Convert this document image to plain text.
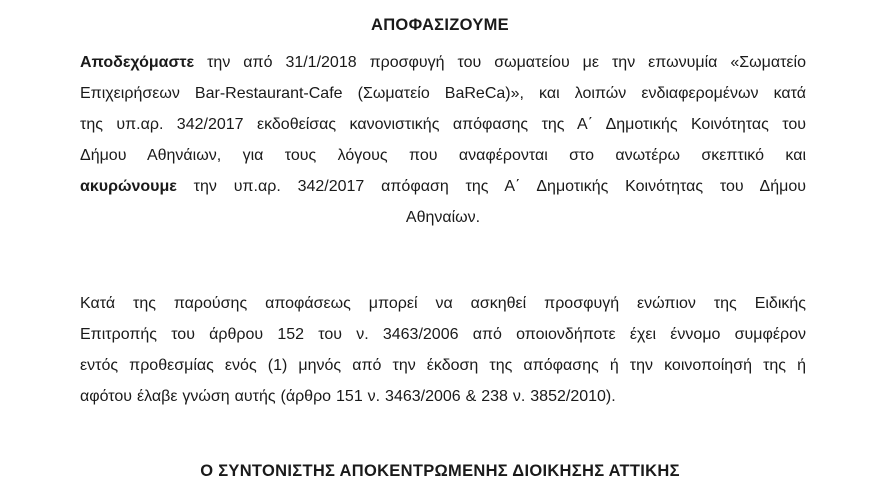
ΑΠΟΦΑΣΙΖΟΥΜΕ
Αποδεχόμαστε την από 31/1/2018 προσφυγή του σωματείου με την επωνυμία «Σωματείο
Επιχειρήσεων Bar-Restaurant-Cafe (Σωματείο BaReCa)», και λοιπών ενδιαφερομένων κατά
της υπ.αρ. 342/2017 εκδοθείσας κανονιστικής απόφασης της Α΄ Δημοτικής Κοινότητας του
Δήμου Αθηνάιων, για τους λόγους που αναφέρονται στο ανωτέρω σκεπτικό και
ακυρώνουμε την υπ.αρ. 342/2017 απόφαση της Α΄ Δημοτικής Κοινότητας του Δήμου
Αθηναίων.
Κατά της παρούσης αποφάσεως μπορεί να ασκηθεί προσφυγή ενώπιον της Ειδικής
Επιτροπής του άρθρου 152 του ν. 3463/2006 από οποιονδήποτε έχει έννομο συμφέρον
εντός προθεσμίας ενός (1) μηνός από την έκδοση της απόφασης ή την κοινοποίησή της ή
αφότου έλαβε γνώση αυτής (άρθρο 151 ν. 3463/2006 & 238 ν. 3852/2010).
Ο ΣΥΝΤΟΝΙΣΤΗΣ ΑΠΟΚΕΝΤΡΩΜΕΝΗΣ ΔΙΟΙΚΗΣΗΣ ΑΤΤΙΚΗΣ
